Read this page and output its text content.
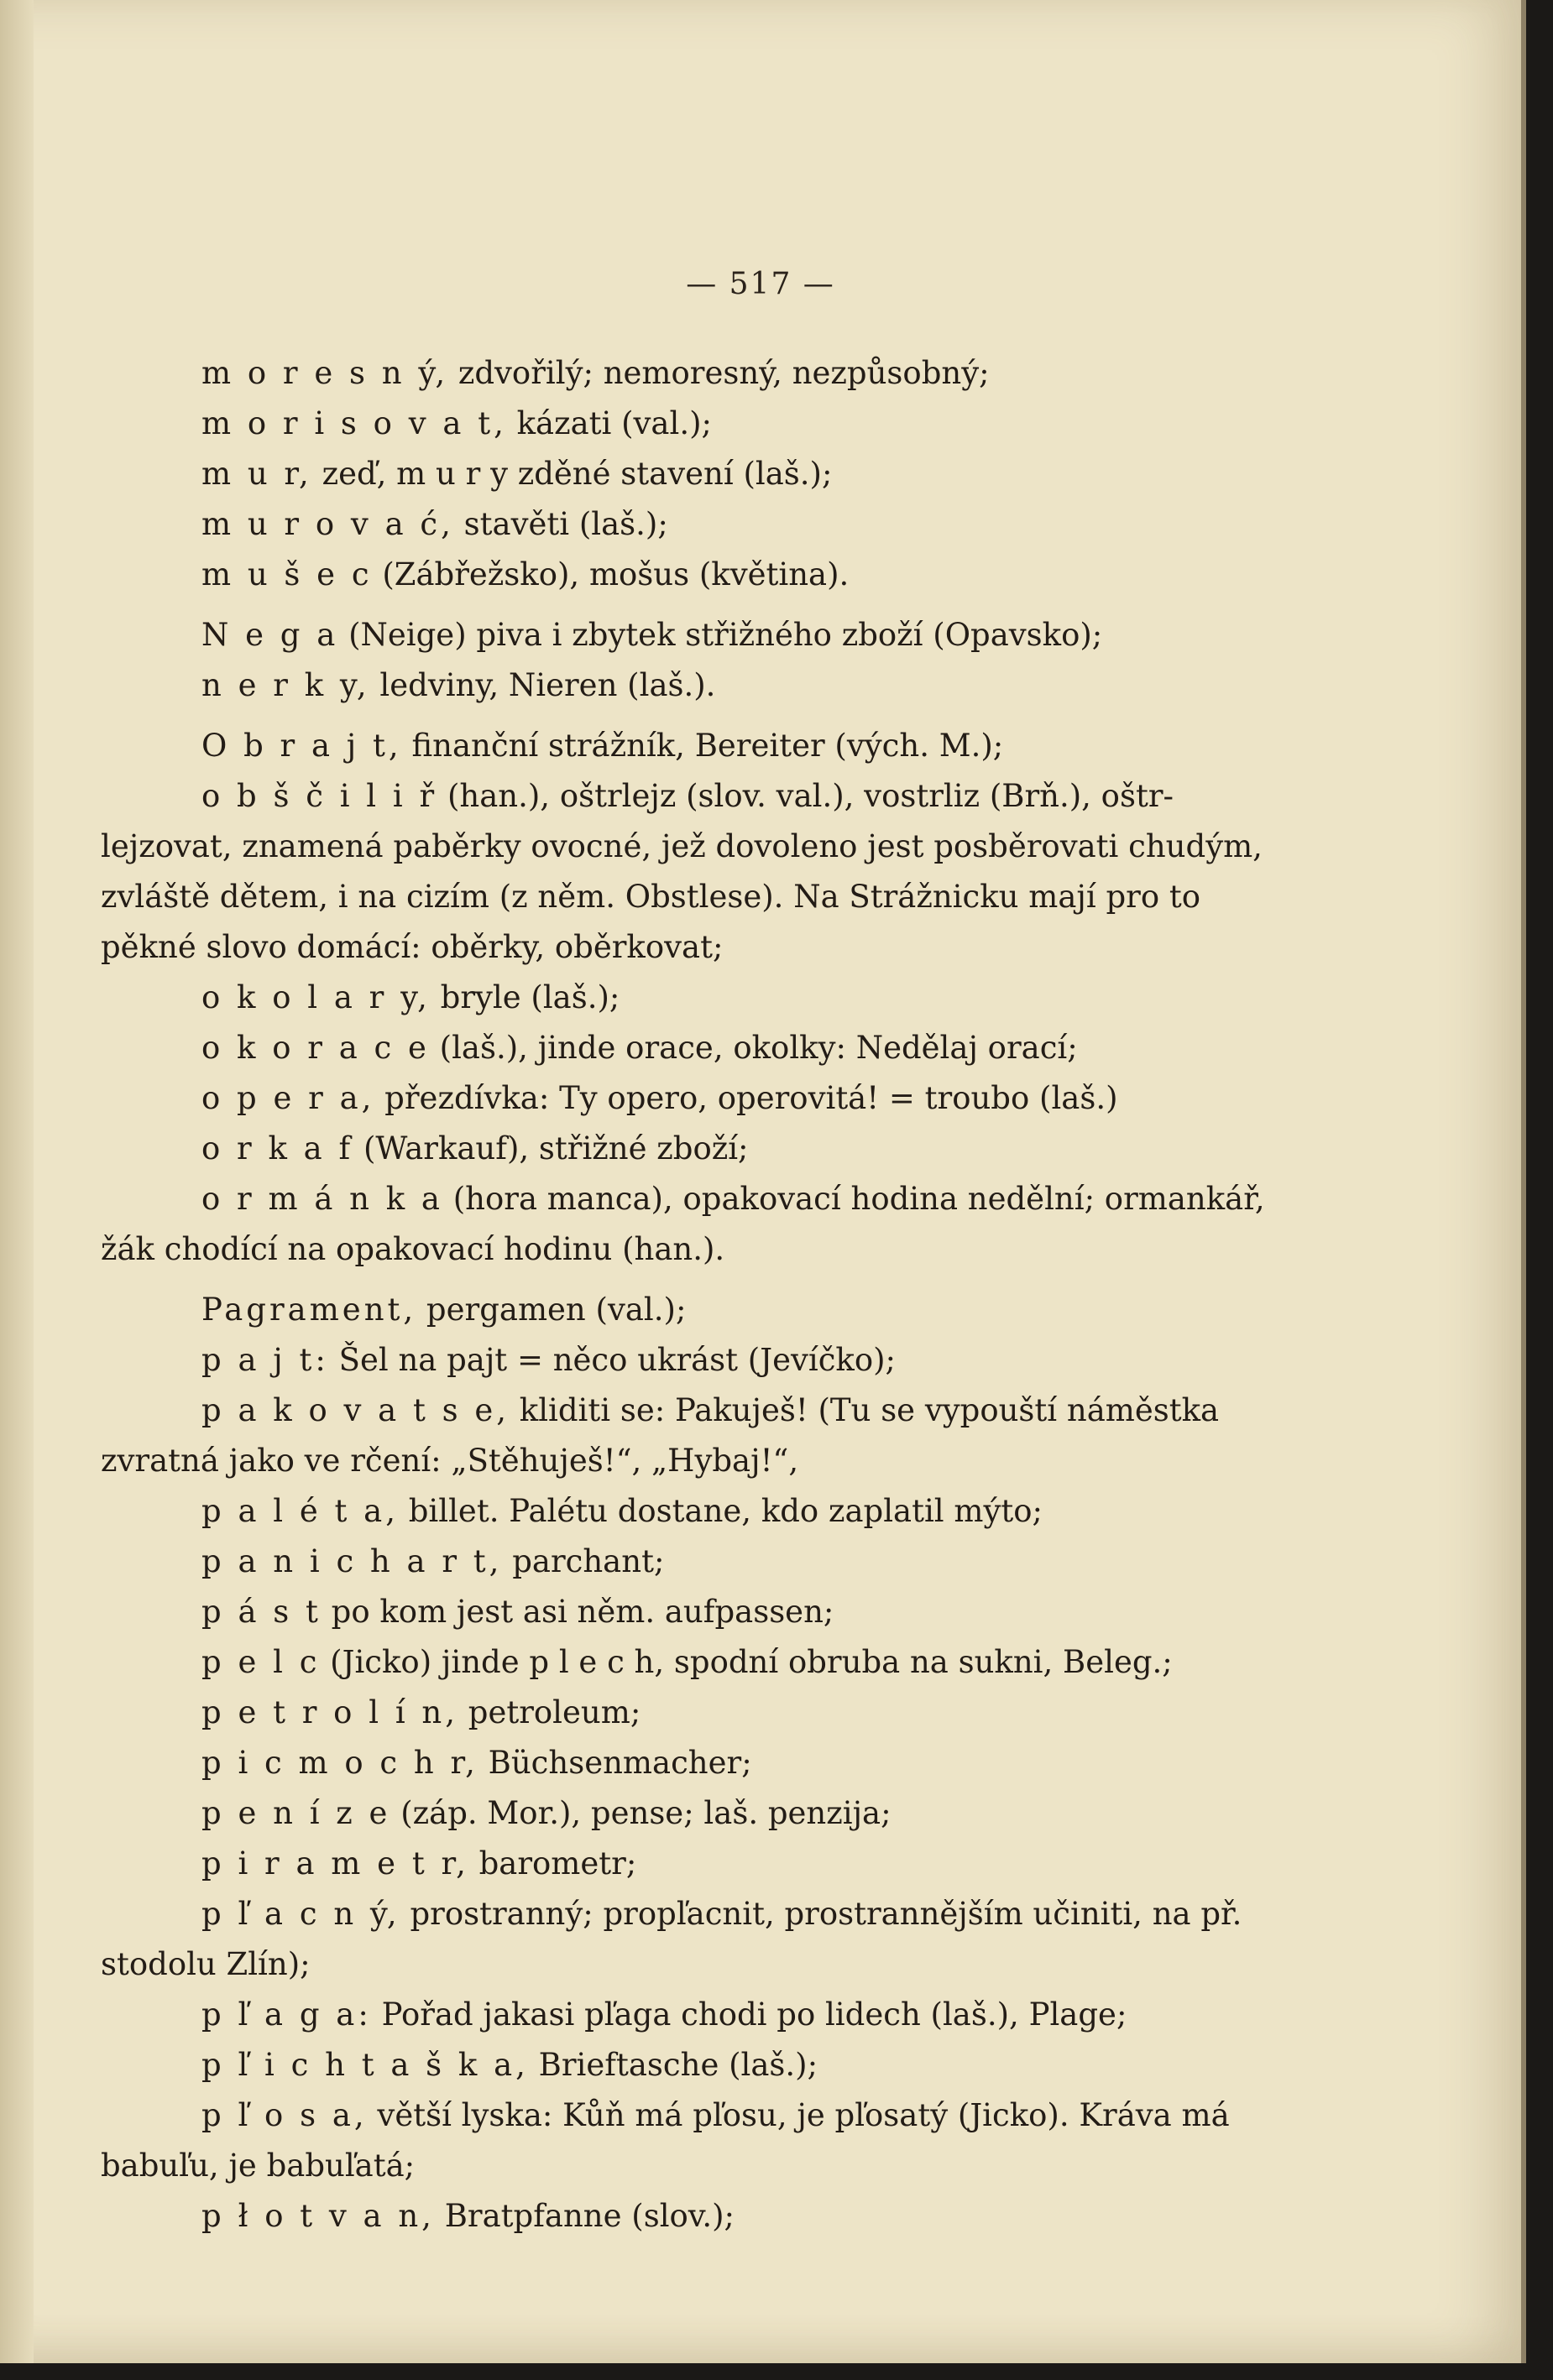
— 517 —
m o r e s n ý, zdvořilý; nemoresný, nezpůsobný;
m o r i s o v a t, kázati (val.);
m u r, zeď, m u r y zděné stavení (laš.);
m u r o v a ć, stavěti (laš.);
m u š e c (Zábřežsko), mošus (květina).
N e g a (Neige) piva i zbytek střižného zboží (Opavsko);
n e r k y, ledviny, Nieren (laš.).
O b r a j t, finanční strážník, Bereiter (vých. M.);
o b š č i l i ř (han.), oštrlejz (slov. val.), vostrliz (Brň.), oštr- lejzovat, znamená paběrky ovocné, jež dovoleno jest posběrovati chudým, zvláště dětem, i na cizím (z něm. Obstlese). Na Strážnicku mají pro to pěkné slovo domácí: oběrky, oběrkovat;
o k o l a r y, bryle (laš.);
o k o r a c e (laš.), jinde orace, okolky: Nedělaj orací;
o p e r a, přezdívka: Ty opero, operovitá! = troubo (laš.)
o r k a f (Warkauf), střižné zboží;
o r m á n k a (hora manca), opakovací hodina nedělní; ormankář, žák chodící na opakovací hodinu (han.).
Pagrament, pergamen (val.);
p a j t: Šel na pajt = něco ukrást (Jevíčko);
p a k o v a t s e, kliditi se: Pakuješ! (Tu se vypouští náměstka zvratná jako ve rčení: „Stěhuješ!“, „Hybaj!“,
p a l é t a, billet. Palétu dostane, kdo zaplatil mýto;
p a n i c h a r t, parchant;
p á s t po kom jest asi něm. aufpassen;
p e l c (Jicko) jinde p l e c h, spodní obruba na sukni, Beleg.;
p e t r o l í n, petroleum;
p i c m o c h r, Büchsenmacher;
p e n í z e (záp. Mor.), pense; laš. penzija;
p i r a m e t r, barometr;
p ľ a c n ý, prostranný; propľacnit, prostrannějším učiniti, na př. stodolu Zlín);
p ľ a g a: Pořad jakasi pľaga chodi po lidech (laš.), Plage;
p ľ i c h t a š k a, Brieftasche (laš.);
p ľ o s a, větší lyska: Kůň má pľosu, je pľosatý (Jicko). Kráva má babuľu, je babuľatá;
p ł o t v a n, Bratpfanne (slov.);
